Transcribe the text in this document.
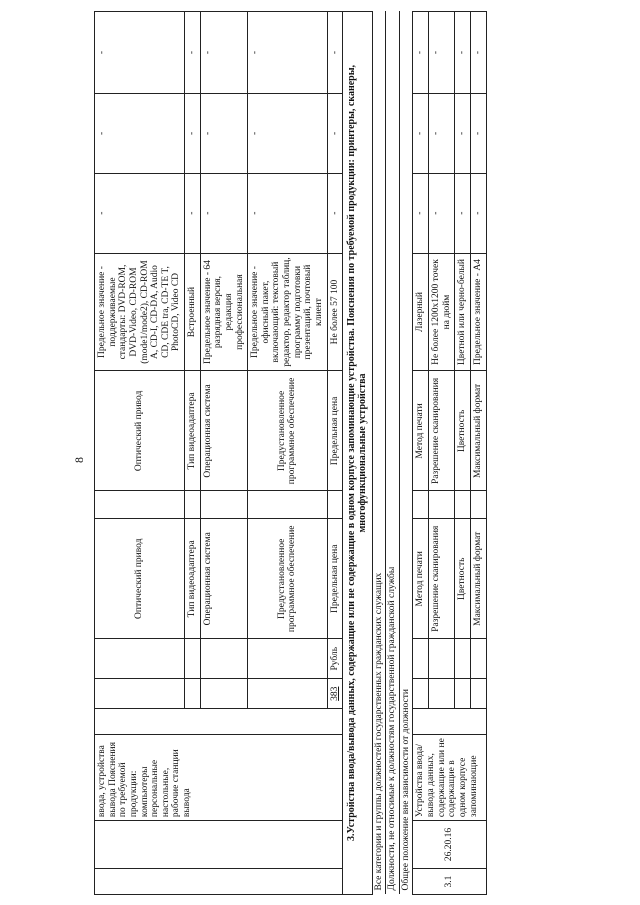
8
		ввода, устройства вывода Пояснения по требуемой продукции: компьютеры персональные настольные, рабочие станции вывода				Оптический привод		Оптический привод	Предельное значение - поддерживаемые стандарты: DVD-ROM, DVD-Video, CD-ROM (mode1/mode2), CD-ROM А, CD-I, CD-DA, Audio CD, CDE tra, CD-TE T, PhotoCD, Video CD	-	-	-
						Тип видеоадаптера		Тип видеоадаптера	Встроенный	-	-	-
						Операционная система		Операционная система	Предельное значение - 64 разрядная версия, редакция профессиональная	-	-	-
						Предустановленное программное обеспечение		Предустановленное программное обеспечение	Предельное значение - офисный пакет, включающий: текстовый редактор, редактор таблиц, программу подготовки презентаций, почтовый клиент	-	-	-
				383	Рубль	Предельная цена		Предельная цена	Не более 57 100	-	-	-
3.Устройства ввода/вывода данных, содержащие или не содержащие в одном корпусе запоминающие устройства. Пояснения по требуемой продукции: принтеры, сканеры, многофункциональные устройства												
Все категории и группы должностей государственных гражданских служащих												
Должности, не относимые к должностям государственной гражданской службы												
Общее положение вне зависимости от должности												
3.1	26.20.16	Устройства ввода/вывода данных, содержащие или не содержащие в одном корпусе запоминающие				Метод печати		Метод печати	Лазерный	-	-	-
						Разрешение сканирования		Разрешение сканирования	Не более 1200x1200 точек на дюйм	-	-	-
						Цветность		Цветность	Цветной или черно-белый	-	-	-
						Максимальный формат		Максимальный формат	Предельное значение - А4	-	-	-
